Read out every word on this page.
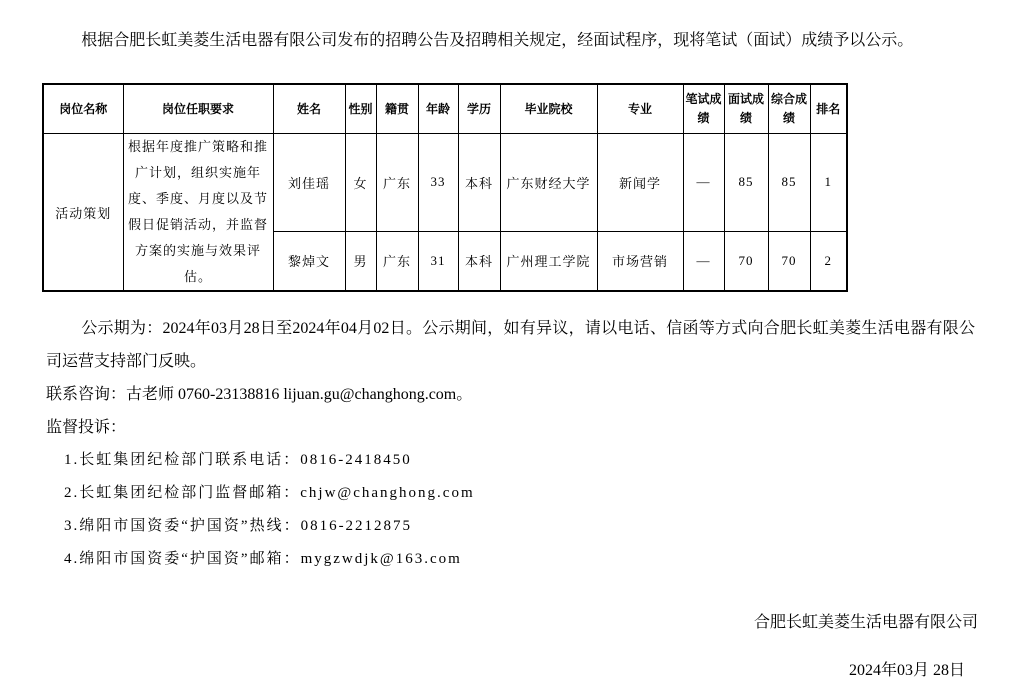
根据合肥长虹美菱生活电器有限公司发布的招聘公告及招聘相关规定，经面试程序，现将笔试（面试）成绩予以公示。

岗位名称	岗位任职要求	姓名	性别	籍贯	年龄	学历	毕业院校	专业	笔试成绩	面试成绩	综合成绩	排名
活动策划	根据年度推广策略和推广计划，组织实施年度、季度、月度以及节假日促销活动，并监督方案的实施与效果评估。	刘佳瑶	女	广东	33	本科	广东财经大学	新闻学	—	85	85	1
		黎焯文	男	广东	31	本科	广州理工学院	市场营销	—	70	70	2

公示期为：2024年03月28日至2024年04月02日。公示期间，如有异议，请以电话、信函等方式向合肥长虹美菱生活电器有限公司运营支持部门反映。

联系咨询：古老师 0760-23138816 lijuan.gu@changhong.com。

监督投诉：

1.长虹集团纪检部门联系电话：0816-2418450

2.长虹集团纪检部门监督邮箱：chjw@changhong.com

3.绵阳市国资委“护国资”热线：0816-2212875

4.绵阳市国资委“护国资”邮箱：mygzwdjk@163.com

合肥长虹美菱生活电器有限公司

2024年03月 28日
